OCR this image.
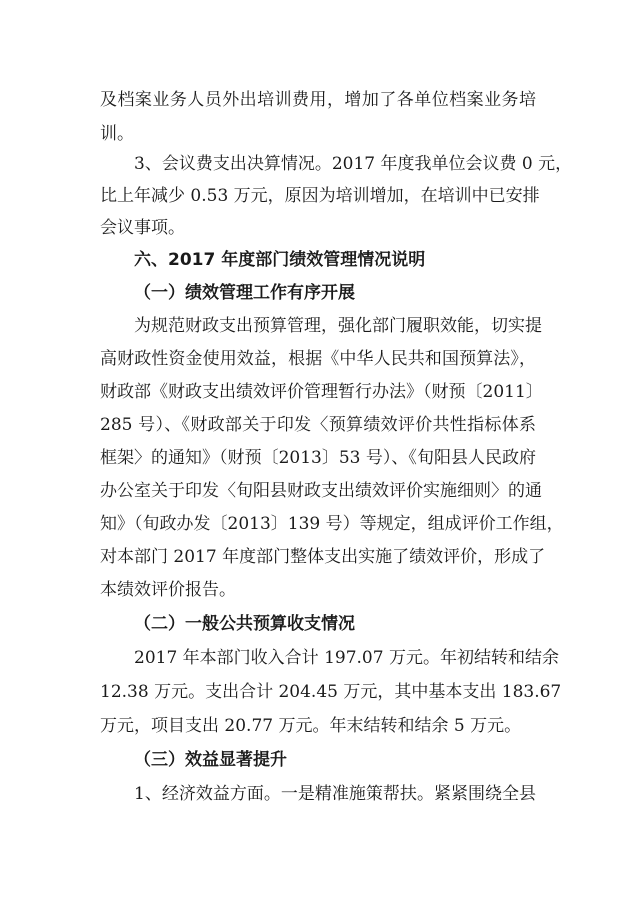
及档案业务人员外出培训费用，增加了各单位档案业务培
训。
3、会议费支出决算情况。2017 年度我单位会议费 0 元，
比上年减少 0.53 万元，原因为培训增加，在培训中已安排
会议事项。
六、2017 年度部门绩效管理情况说明
（一）绩效管理工作有序开展
为规范财政支出预算管理，强化部门履职效能，切实提
高财政性资金使用效益，根据《中华人民共和国预算法》，
财政部《财政支出绩效评价管理暂行办法》（财预〔2011〕
285 号）、《财政部关于印发〈预算绩效评价共性指标体系
框架〉的通知》（财预〔2013〕53 号）、《旬阳县人民政府
办公室关于印发〈旬阳县财政支出绩效评价实施细则〉的通
知》（旬政办发〔2013〕139 号）等规定，组成评价工作组，
对本部门 2017 年度部门整体支出实施了绩效评价，形成了
本绩效评价报告。
（二）一般公共预算收支情况
2017 年本部门收入合计 197.07 万元。年初结转和结余
12.38 万元。支出合计 204.45 万元，其中基本支出 183.67
万元，项目支出 20.77 万元。年末结转和结余 5 万元。
（三）效益显著提升
1、经济效益方面。一是精准施策帮扶。紧紧围绕全县
